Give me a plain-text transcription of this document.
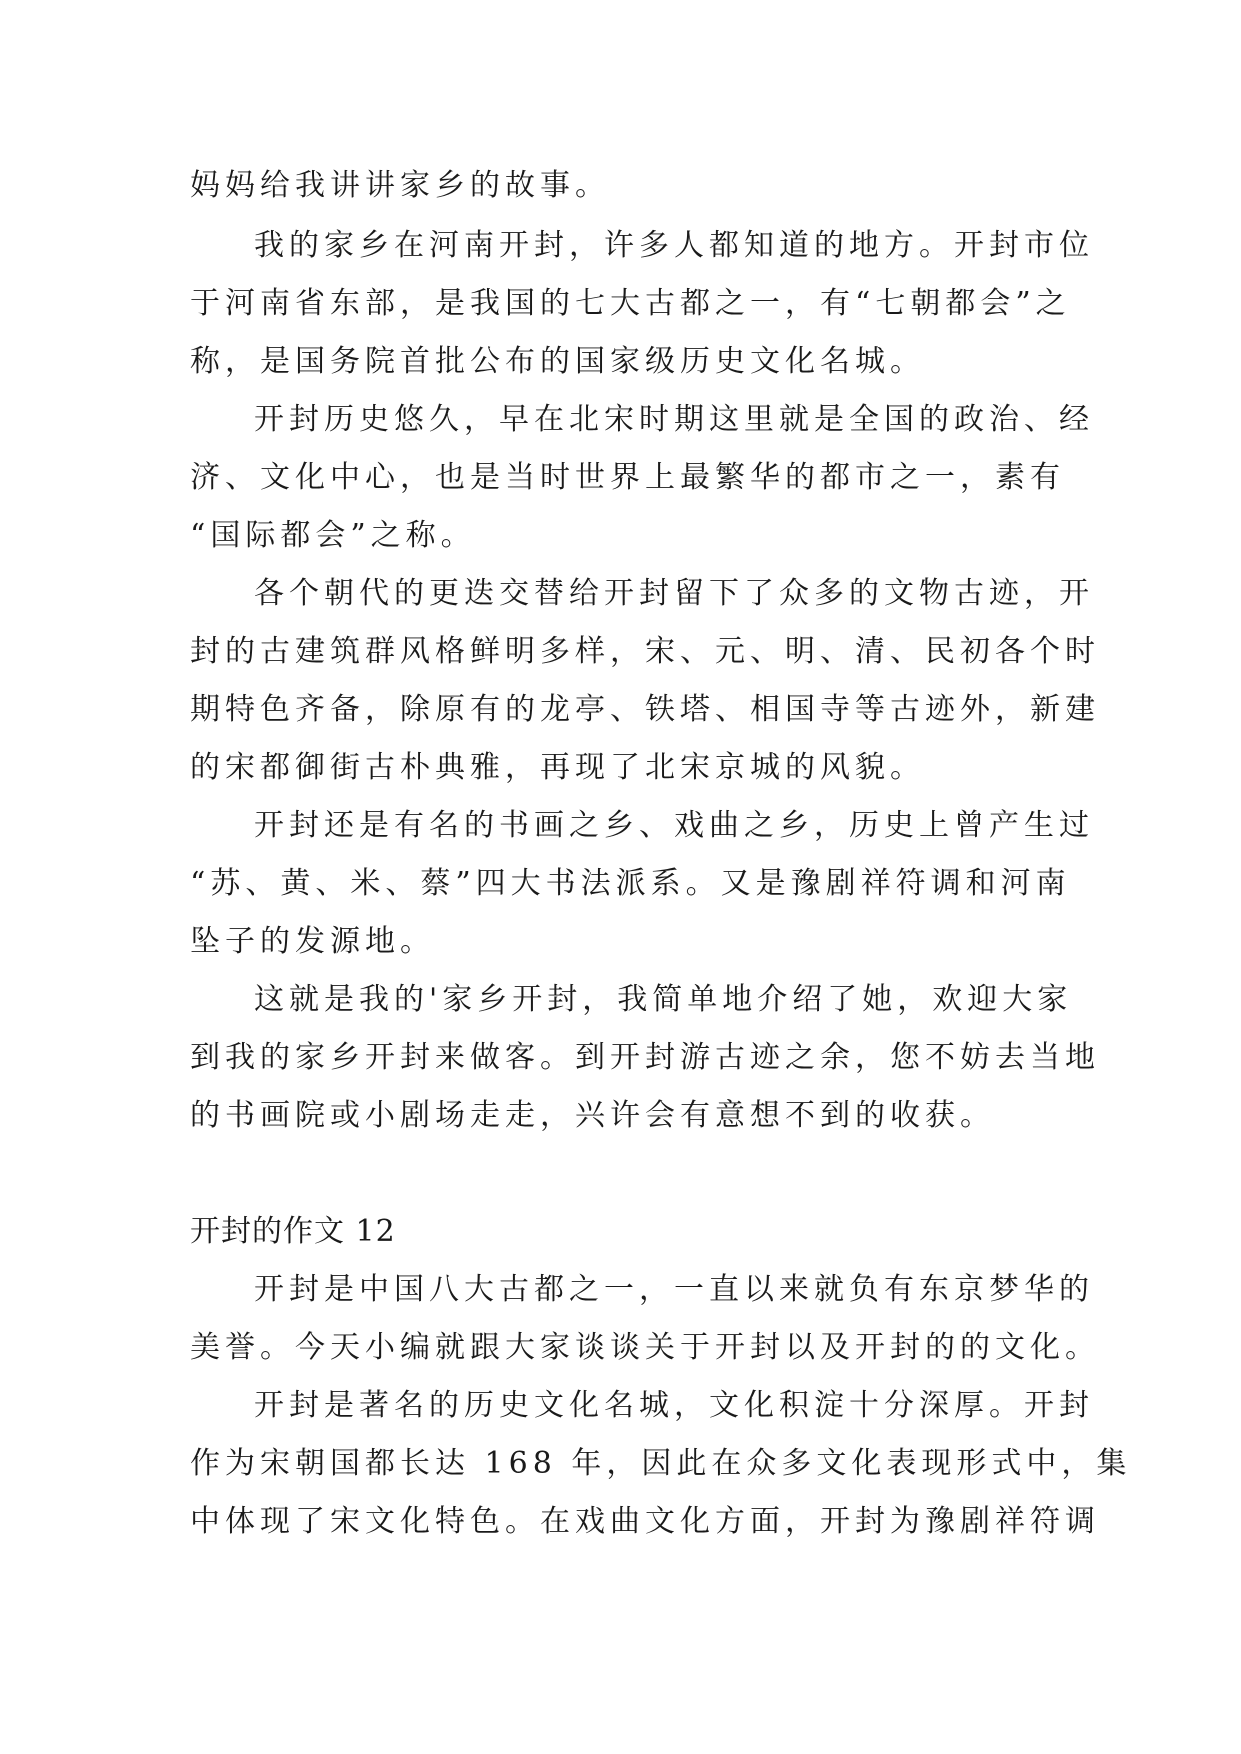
妈妈给我讲讲家乡的故事。
我的家乡在河南开封，许多人都知道的地方。开封市位
于河南省东部，是我国的七大古都之一，有“七朝都会”之
称，是国务院首批公布的国家级历史文化名城。
开封历史悠久，早在北宋时期这里就是全国的政治、经
济、文化中心，也是当时世界上最繁华的都市之一，素有
“国际都会”之称。
各个朝代的更迭交替给开封留下了众多的文物古迹，开
封的古建筑群风格鲜明多样，宋、元、明、清、民初各个时
期特色齐备，除原有的龙亭、铁塔、相国寺等古迹外，新建
的宋都御街古朴典雅，再现了北宋京城的风貌。
开封还是有名的书画之乡、戏曲之乡，历史上曾产生过
“苏、黄、米、蔡”四大书法派系。又是豫剧祥符调和河南
坠子的发源地。
这就是我的'家乡开封，我简单地介绍了她，欢迎大家
到我的家乡开封来做客。到开封游古迹之余，您不妨去当地
的书画院或小剧场走走，兴许会有意想不到的收获。
开封的作文 12
开封是中国八大古都之一，一直以来就负有东京梦华的
美誉。今天小编就跟大家谈谈关于开封以及开封的的文化。
开封是著名的历史文化名城，文化积淀十分深厚。开封
作为宋朝国都长达 168 年，因此在众多文化表现形式中，集
中体现了宋文化特色。在戏曲文化方面，开封为豫剧祥符调
